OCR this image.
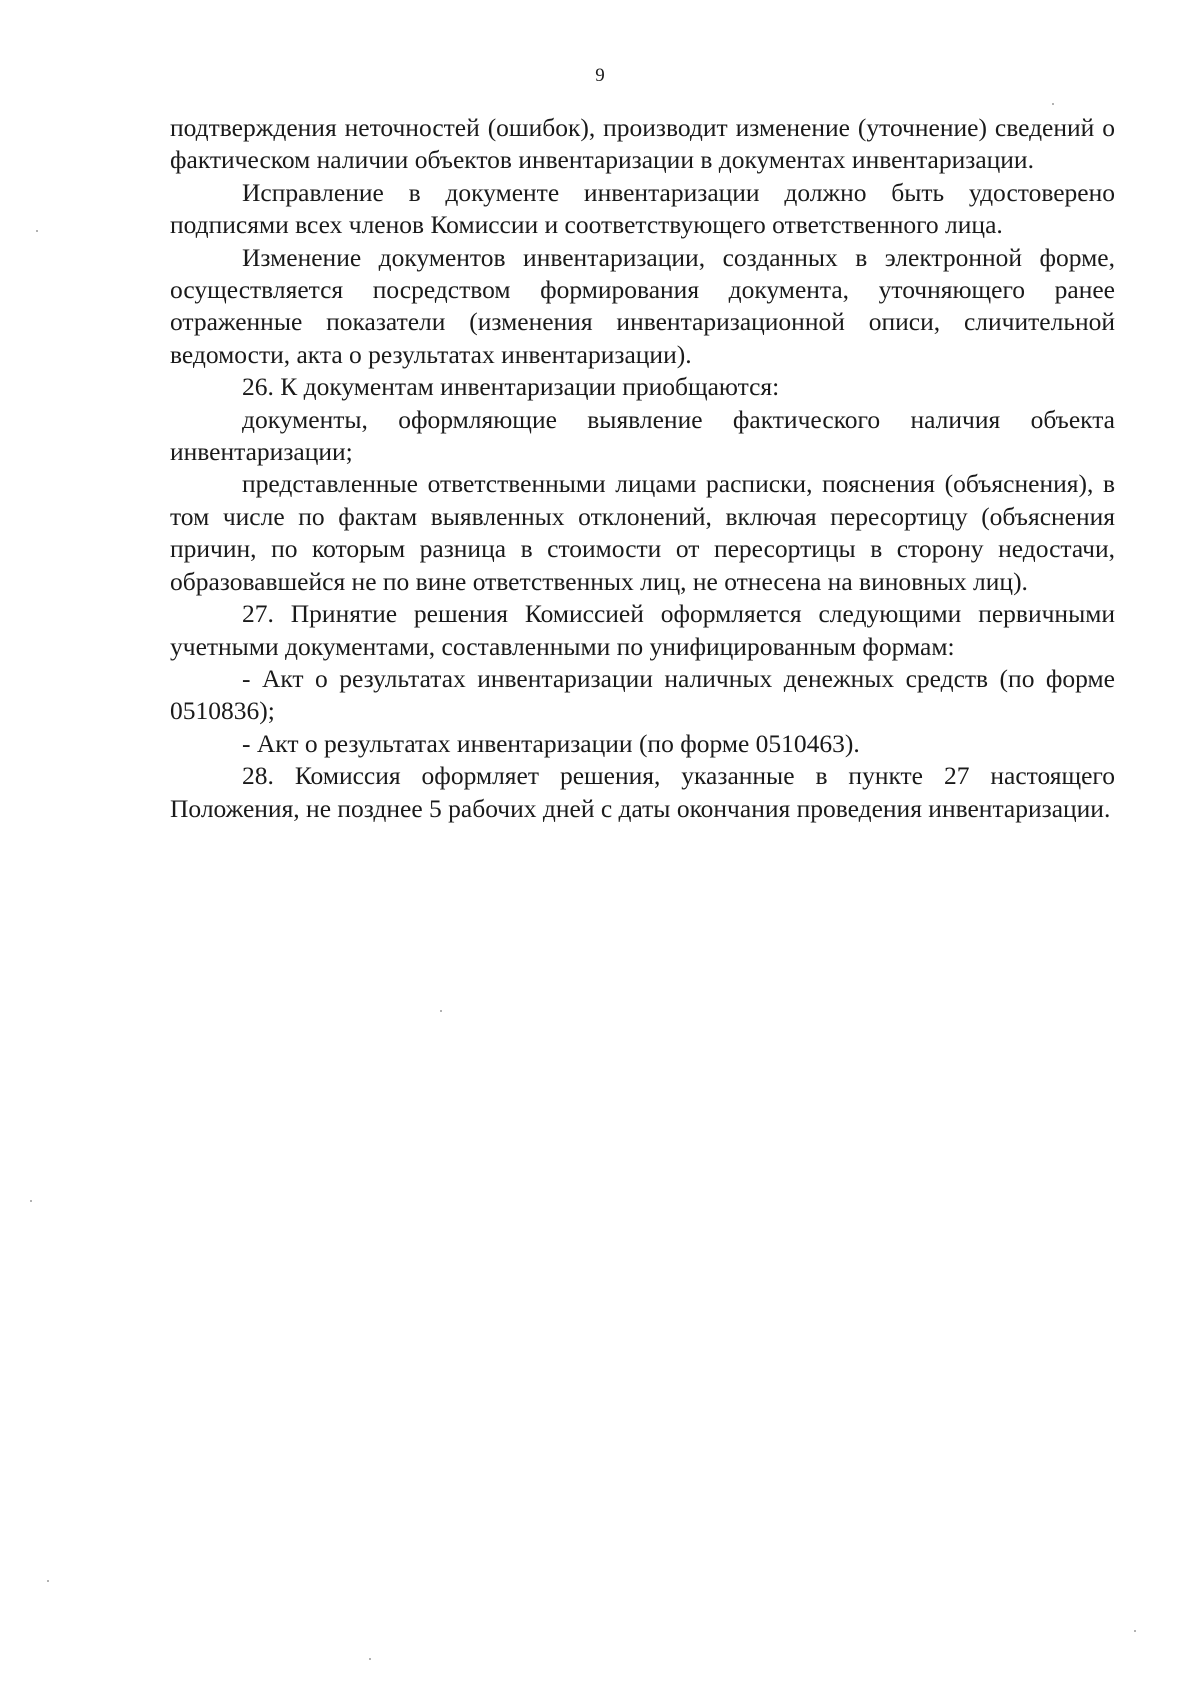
9

подтверждения неточностей (ошибок), производит изменение (уточнение) сведений о фактическом наличии объектов инвентаризации в документах инвентаризации.

Исправление в документе инвентаризации должно быть удостоверено подписями всех членов Комиссии и соответствующего ответственного лица.

Изменение документов инвентаризации, созданных в электронной форме, осуществляется посредством формирования документа, уточняющего ранее отраженные показатели (изменения инвентаризационной описи, сличительной ведомости, акта о результатах инвентаризации).

26. К документам инвентаризации приобщаются:

документы, оформляющие выявление фактического наличия объекта инвентаризации;

представленные ответственными лицами расписки, пояснения (объяснения), в том числе по фактам выявленных отклонений, включая пересортицу (объяснения причин, по которым разница в стоимости от пересортицы в сторону недостачи, образовавшейся не по вине ответственных лиц, не отнесена на виновных лиц).

27. Принятие решения Комиссией оформляется следующими первичными учетными документами, составленными по унифицированным формам:

- Акт о результатах инвентаризации наличных денежных средств (по форме 0510836);

- Акт о результатах инвентаризации (по форме 0510463).

28. Комиссия оформляет решения, указанные в пункте 27 настоящего Положения, не позднее 5 рабочих дней с даты окончания проведения инвентаризации.
